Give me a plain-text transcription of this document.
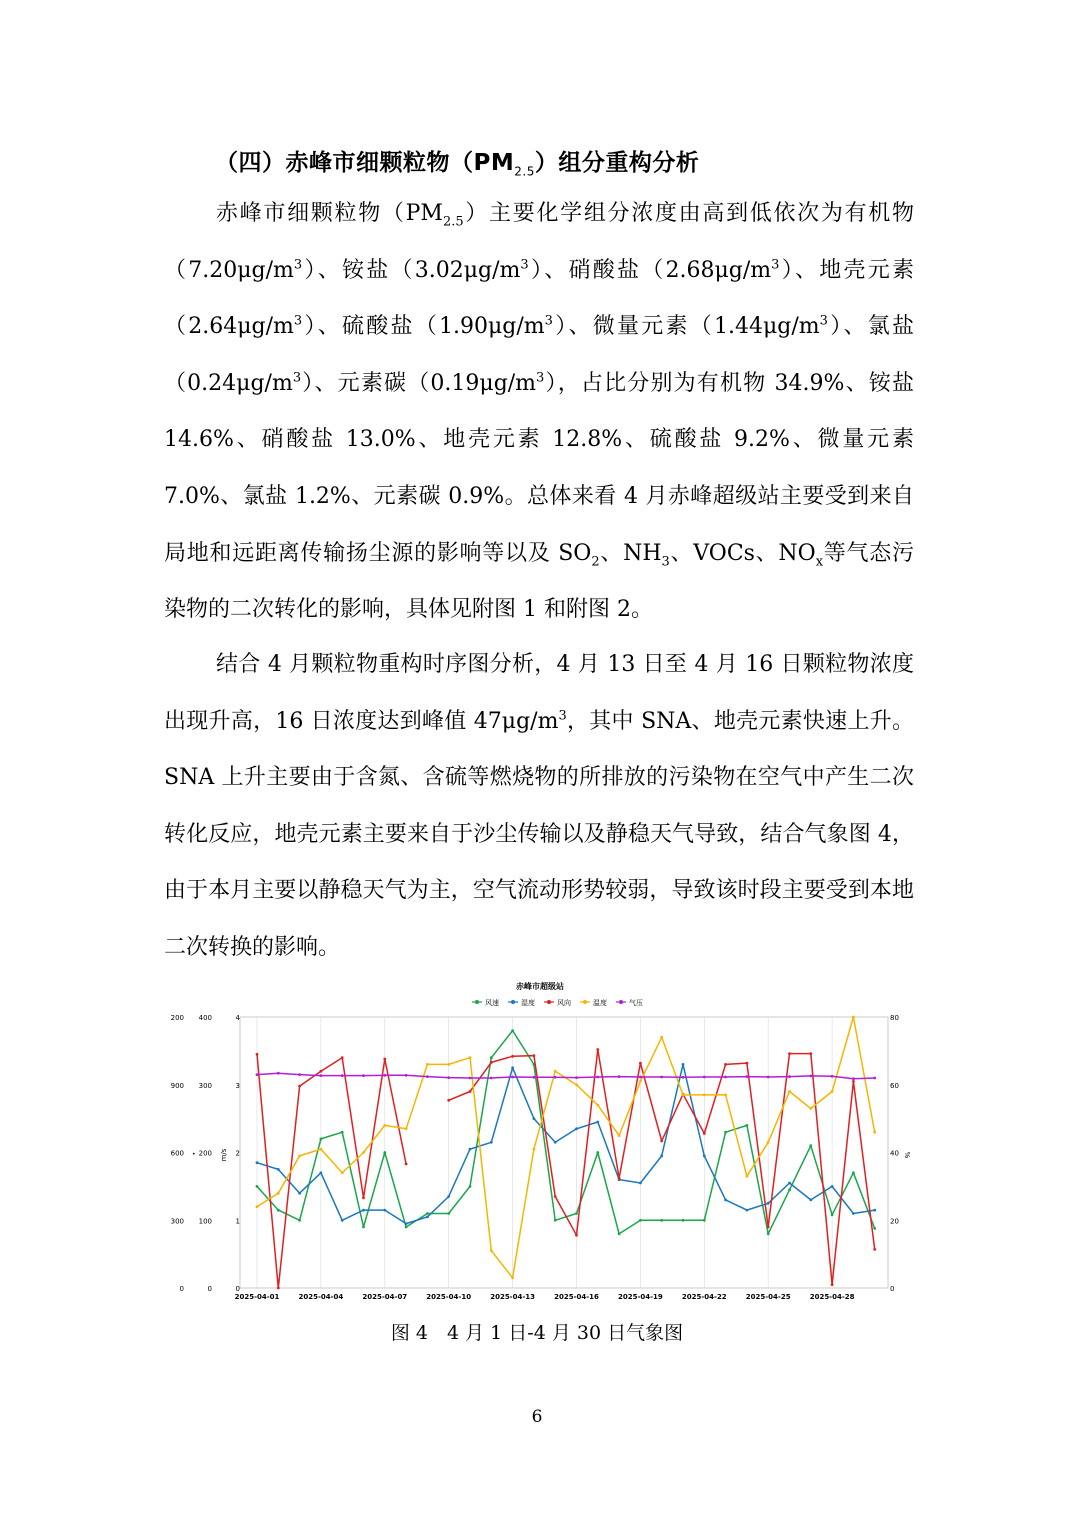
（四）赤峰市细颗粒物$(PM_{2.5})$组分重构分析

赤峰市细颗粒物$(PM_{2.5})$主要化学组分浓度由高到低依次为有机物$(7.20\mu g/m^3)$、铵盐$(3.02\mu g/m^3)$、硝酸盐$(2.68\mu g/m^3)$、地壳元素$(2.64\mu g/m^3)$、硫酸盐$(1.90\mu g/m^3)$、微量元素$(1.44\mu g/m^3)$、氯盐$(0.24\mu g/m^3)$、元素碳$(0.19\mu g/m^3)$，占比分别为有机物 34.9%、铵盐 14.6%、硝酸盐 13.0%、地壳元素 12.8%、硫酸盐 9.2%、微量元素 7.0%、氯盐 1.2%、元素碳 0.9%。总体来看 4 月赤峰超级站主要受到来自局地和远距离传输扬尘源的影响等以及 $SO_2$、$NH_3$、VOCs、$NO_x$等气态污染物的二次转化的影响，具体见附图 1 和附图 2。

结合 4 月颗粒物重构时序图分析，4 月 13 日至 4 月 16 日颗粒物浓度出现升高，16 日浓度达到峰值 $47\mu g/m^3$，其中 SNA、地壳元素快速上升。SNA 上升主要由于含氮、含硫等燃烧物的所排放的污染物在空气中产生二次转化反应，地壳元素主要来自于沙尘传输以及静稳天气导致，结合气象图 4，由于本月主要以静稳天气为主，空气流动形势较弱，导致该时段主要受到本地二次转换的影响。

赤峰市超级站
风速	湿度	风向	温度	气压
0
300
600
900
200
0
100
200
300
400
0
1
2
3
4
0
20
40
60
80
•	m/s	%
2025-04-01	2025-04-04	2025-04-07	2025-04-10	2025-04-13	2025-04-16	2025-04-19	2025-04-22	2025-04-25	2025-04-28
图 4　4 月 1 日-4 月 30 日气象图
6
